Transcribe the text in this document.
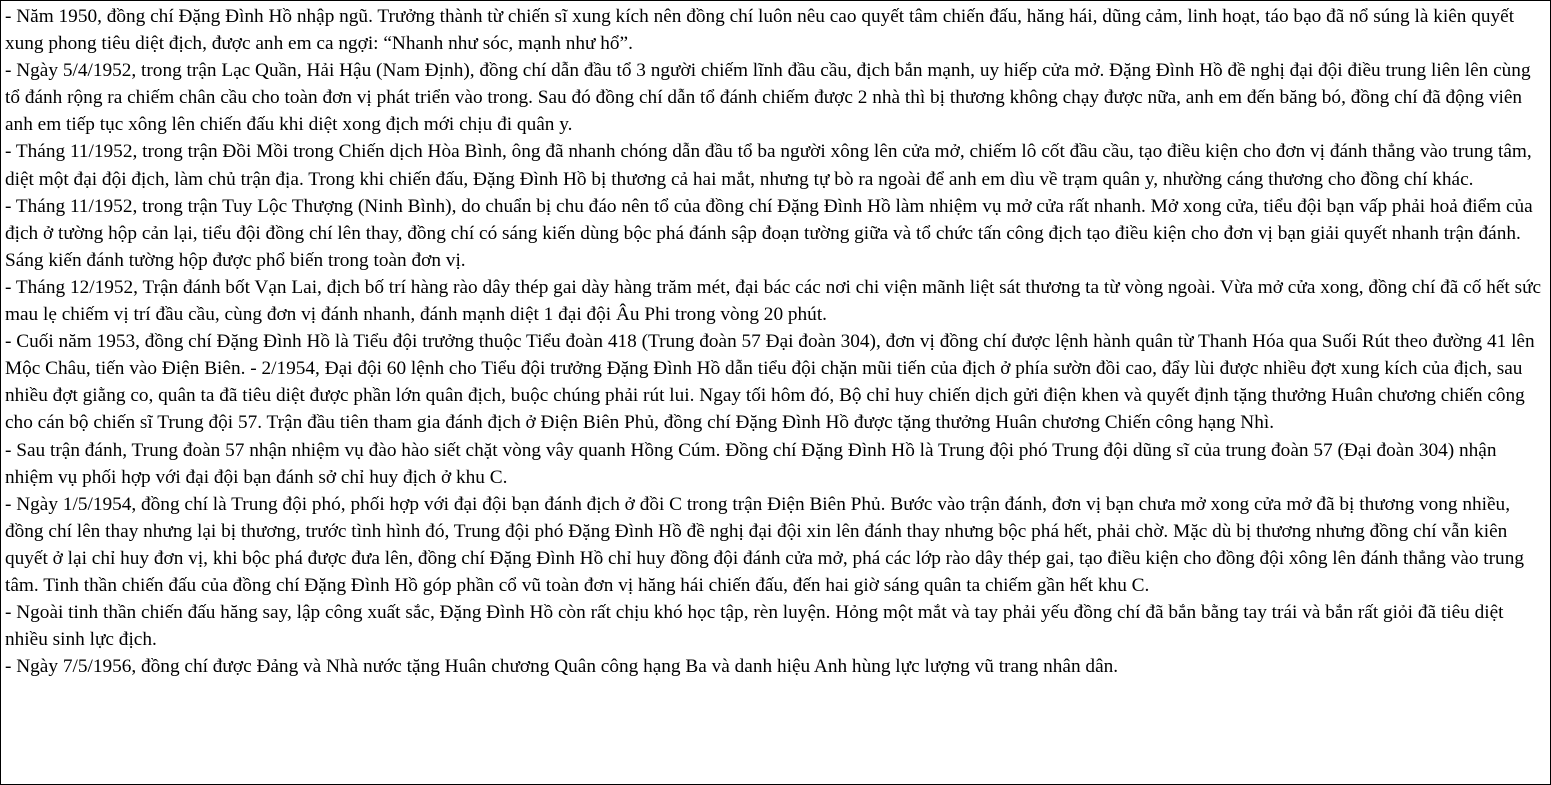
- Năm 1950, đồng chí Đặng Đình Hồ nhập ngũ. Trưởng thành từ chiến sĩ xung kích nên đồng chí luôn nêu cao quyết tâm chiến đấu, hăng hái, dũng cảm, linh hoạt, táo bạo đã nổ súng là kiên quyết xung phong tiêu diệt địch, được anh em ca ngợi: “Nhanh như sóc, mạnh như hổ”.

- Ngày 5/4/1952, trong trận Lạc Quần, Hải Hậu (Nam Định), đồng chí dẫn đầu tổ 3 người chiếm lĩnh đầu cầu, địch bắn mạnh, uy hiếp cửa mở. Đặng Đình Hồ đề nghị đại đội điều trung liên lên cùng tổ đánh rộng ra chiếm chân cầu cho toàn đơn vị phát triển vào trong. Sau đó đồng chí dẫn tổ đánh chiếm được 2 nhà thì bị thương không chạy được nữa, anh em đến băng bó, đồng chí đã động viên anh em tiếp tục xông lên chiến đấu khi diệt xong địch mới chịu đi quân y.

- Tháng 11/1952, trong trận Đồi Mồi trong Chiến dịch Hòa Bình, ông đã nhanh chóng dẫn đầu tổ ba người xông lên cửa mở, chiếm lô cốt đầu cầu, tạo điều kiện cho đơn vị đánh thẳng vào trung tâm, diệt một đại đội địch, làm chủ trận địa. Trong khi chiến đấu, Đặng Đình Hồ bị thương cả hai mắt, nhưng tự bò ra ngoài để anh em dìu về trạm quân y, nhường cáng thương cho đồng chí khác.

- Tháng 11/1952, trong trận Tuy Lộc Thượng (Ninh Bình), do chuẩn bị chu đáo nên tổ của đồng chí Đặng Đình Hồ làm nhiệm vụ mở cửa rất nhanh. Mở xong cửa, tiểu đội bạn vấp phải hoả điểm của địch ở tường hộp cản lại, tiểu đội đồng chí lên thay, đồng chí có sáng kiến dùng bộc phá đánh sập đoạn tường giữa và tổ chức tấn công địch tạo điều kiện cho đơn vị bạn giải quyết nhanh trận đánh. Sáng kiến đánh tường hộp được phổ biến trong toàn đơn vị.

- Tháng 12/1952, Trận đánh bốt Vạn Lai, địch bố trí hàng rào dây thép gai dày hàng trăm mét, đại bác các nơi chi viện mãnh liệt sát thương ta từ vòng ngoài. Vừa mở cửa xong, đồng chí đã cố hết sức mau lẹ chiếm vị trí đầu cầu, cùng đơn vị đánh nhanh, đánh mạnh diệt 1 đại đội Âu Phi trong vòng 20 phút.

- Cuối năm 1953, đồng chí Đặng Đình Hồ là Tiểu đội trưởng thuộc Tiểu đoàn 418 (Trung đoàn 57 Đại đoàn 304), đơn vị đồng chí được lệnh hành quân từ Thanh Hóa qua Suối Rút theo đường 41 lên Mộc Châu, tiến vào Điện Biên. - 2/1954, Đại đội 60 lệnh cho Tiểu đội trưởng Đặng Đình Hồ dẫn tiểu đội chặn mũi tiến của địch ở phía sườn đồi cao, đẩy lùi được nhiều đợt xung kích của địch, sau nhiều đợt giằng co, quân ta đã tiêu diệt được phần lớn quân địch, buộc chúng phải rút lui. Ngay tối hôm đó, Bộ chỉ huy chiến dịch gửi điện khen và quyết định tặng thưởng Huân chương chiến công cho cán bộ chiến sĩ Trung đội 57. Trận đầu tiên tham gia đánh địch ở Điện Biên Phủ, đồng chí Đặng Đình Hồ được tặng thưởng Huân chương Chiến công hạng Nhì.

- Sau trận đánh, Trung đoàn 57 nhận nhiệm vụ đào hào siết chặt vòng vây quanh Hồng Cúm. Đồng chí Đặng Đình Hồ là Trung đội phó Trung đội dũng sĩ của trung đoàn 57 (Đại đoàn 304) nhận nhiệm vụ phối hợp với đại đội bạn đánh sở chỉ huy địch ở khu C.

- Ngày 1/5/1954, đồng chí là Trung đội phó, phối hợp với đại đội bạn đánh địch ở đồi C trong trận Điện Biên Phủ. Bước vào trận đánh, đơn vị bạn chưa mở xong cửa mở đã bị thương vong nhiều, đồng chí lên thay nhưng lại bị thương, trước tình hình đó, Trung đội phó Đặng Đình Hồ đề nghị đại đội xin lên đánh thay nhưng bộc phá hết, phải chờ. Mặc dù bị thương nhưng đồng chí vẫn kiên quyết ở lại chỉ huy đơn vị, khi bộc phá được đưa lên, đồng chí Đặng Đình Hồ chỉ huy đồng đội đánh cửa mở, phá các lớp rào dây thép gai, tạo điều kiện cho đồng đội xông lên đánh thẳng vào trung tâm. Tinh thần chiến đấu của đồng chí Đặng Đình Hồ góp phần cổ vũ toàn đơn vị hăng hái chiến đấu, đến hai giờ sáng quân ta chiếm gần hết khu C.

- Ngoài tinh thần chiến đấu hăng say, lập công xuất sắc, Đặng Đình Hồ còn rất chịu khó học tập, rèn luyện. Hỏng một mắt và tay phải yếu đồng chí đã bắn bằng tay trái và bắn rất giỏi đã tiêu diệt nhiều sinh lực địch.

- Ngày 7/5/1956, đồng chí được Đảng và Nhà nước tặng Huân chương Quân công hạng Ba và danh hiệu Anh hùng lực lượng vũ trang nhân dân.
